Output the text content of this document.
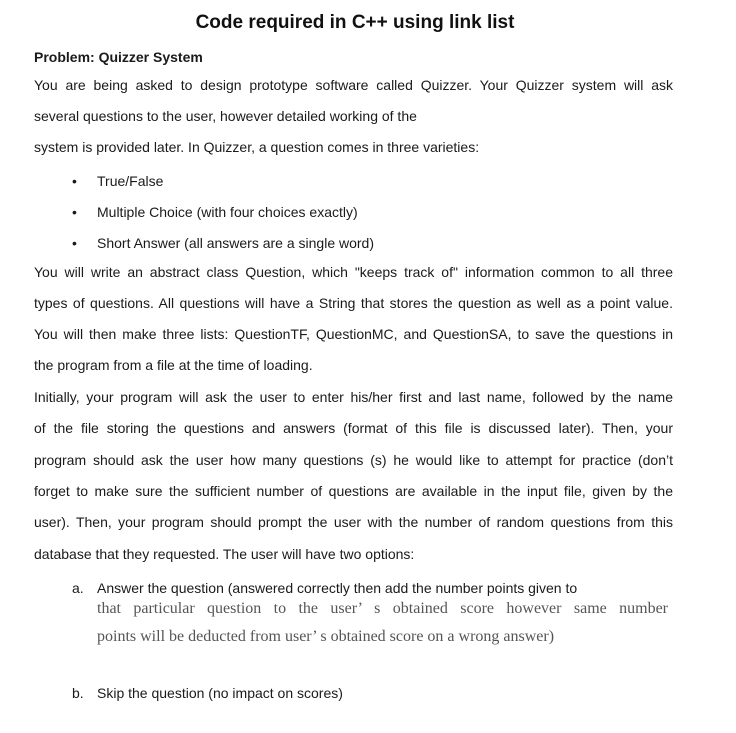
Code required in C++ using link list
Problem: Quizzer System
You are being asked to design prototype software called Quizzer. Your Quizzer system will ask
several questions to the user, however detailed working of the
system is provided later. In Quizzer, a question comes in three varieties:
• True/False
• Multiple Choice (with four choices exactly)
• Short Answer (all answers are a single word)
You will write an abstract class Question, which "keeps track of" information common to all three
types of questions. All questions will have a String that stores the question as well as a point value.
You will then make three lists: QuestionTF, QuestionMC, and QuestionSA, to save the questions in
the program from a file at the time of loading.
Initially, your program will ask the user to enter his/her first and last name, followed by the name
of the file storing the questions and answers (format of this file is discussed later). Then, your
program should ask the user how many questions (s) he would like to attempt for practice (don’t
forget to make sure the sufficient number of questions are available in the input file, given by the
user). Then, your program should prompt the user with the number of random questions from this
database that they requested. The user will have two options:
a. Answer the question (answered correctly then add the number points given to
that particular question to the user’ s obtained score however same number
points will be deducted from user’ s obtained score on a wrong answer)
b. Skip the question (no impact on scores)
